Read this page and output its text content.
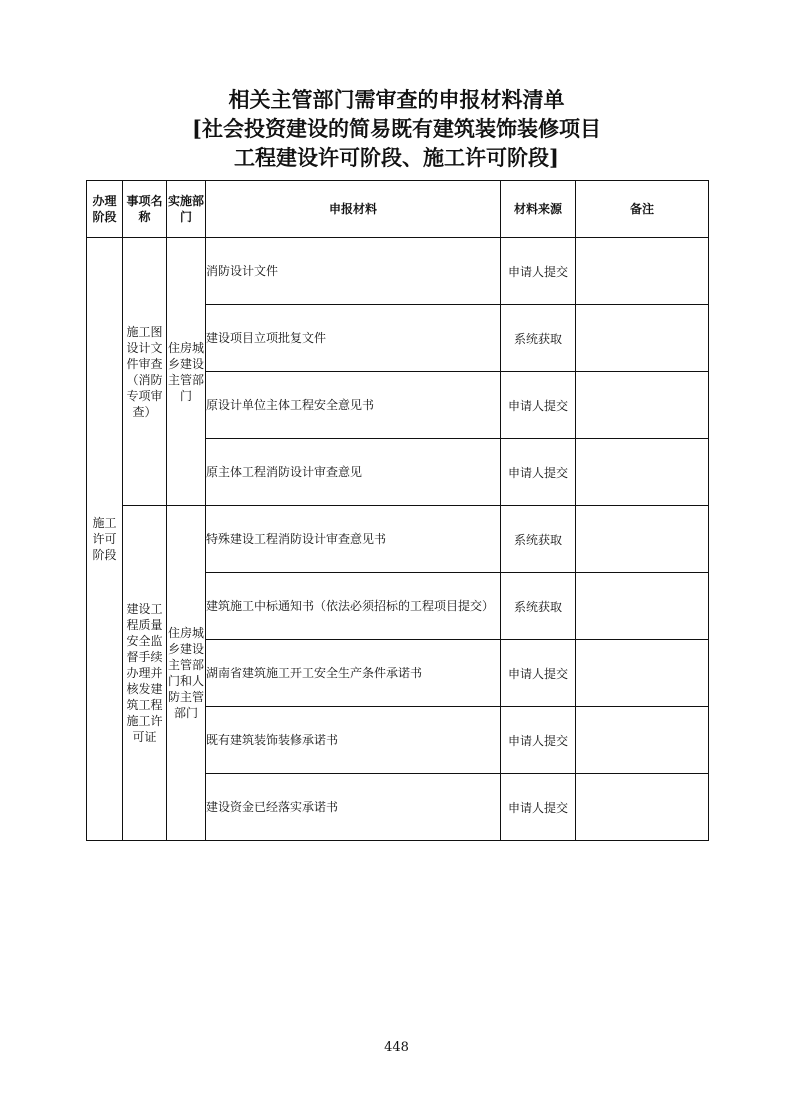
相关主管部门需审查的申报材料清单
[社会投资建设的简易既有建筑装饰装修项目
工程建设许可阶段、施工许可阶段]
办理阶段	事项名称	实施部门	申报材料	材料来源	备注
施工许可阶段	施工图设计文件审查（消防专项审查）	住房城乡建设主管部门	消防设计文件	申请人提交	
			建设项目立项批复文件	系统获取	
			原设计单位主体工程安全意见书	申请人提交	
			原主体工程消防设计审查意见	申请人提交	
	建设工程质量安全监督手续办理并核发建筑工程施工许可证	住房城乡建设主管部门和人防主管部门	特殊建设工程消防设计审查意见书	系统获取	
			建筑施工中标通知书（依法必须招标的工程项目提交）	系统获取	
			湖南省建筑施工开工安全生产条件承诺书	申请人提交	
			既有建筑装饰装修承诺书	申请人提交	
			建设资金已经落实承诺书	申请人提交	
448
